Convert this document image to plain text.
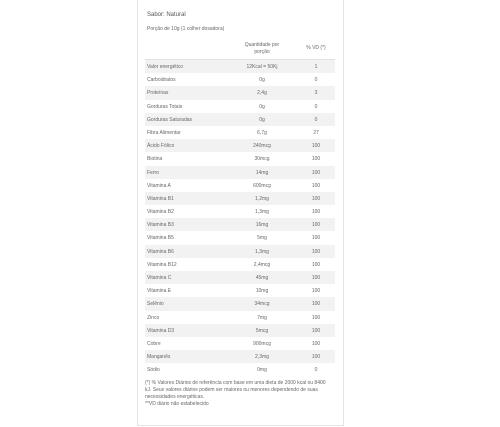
Sabor: Natural
Porção de 10g (1 colher dosadora)
Quantidade por
porção
% VD (*)
Valor energético	12Kcal = 50Kj	1
Carboidratos	0g	0
Proteínas	2,4g	3
Gorduras Totais	0g	0
Gorduras Saturadas	0g	0
Fibra Alimentar	6,7g	27
Ácido Fólico	240mcg	100
Biotina	30mcg	100
Ferro	14mg	100
Vitamina A	600mcg	100
Vitamina B1	1,2mg	100
Vitamina B2	1,3mg	100
Vitamina B3	16mg	100
Vitamina B5	5mg	100
Vitamina B6	1,3mg	100
Vitamina B12	2,4mcg	100
Vitamina C	45mg	100
Vitamina E	10mg	100
Selênio	34mcg	100
Zinco	7mg	100
Vitamina D3	5mcg	100
Cobre	900mcg	100
Manganês	2,3mg	100
Sódio	0mg	0
(*) % Valores Diários de referência com base em uma dieta de 2000 kcal ou 8400
kJ. Seus valores diários podem ser maiores ou menores dependendo de suas
necessidades energéticas.
**VD diário não estabelecido
